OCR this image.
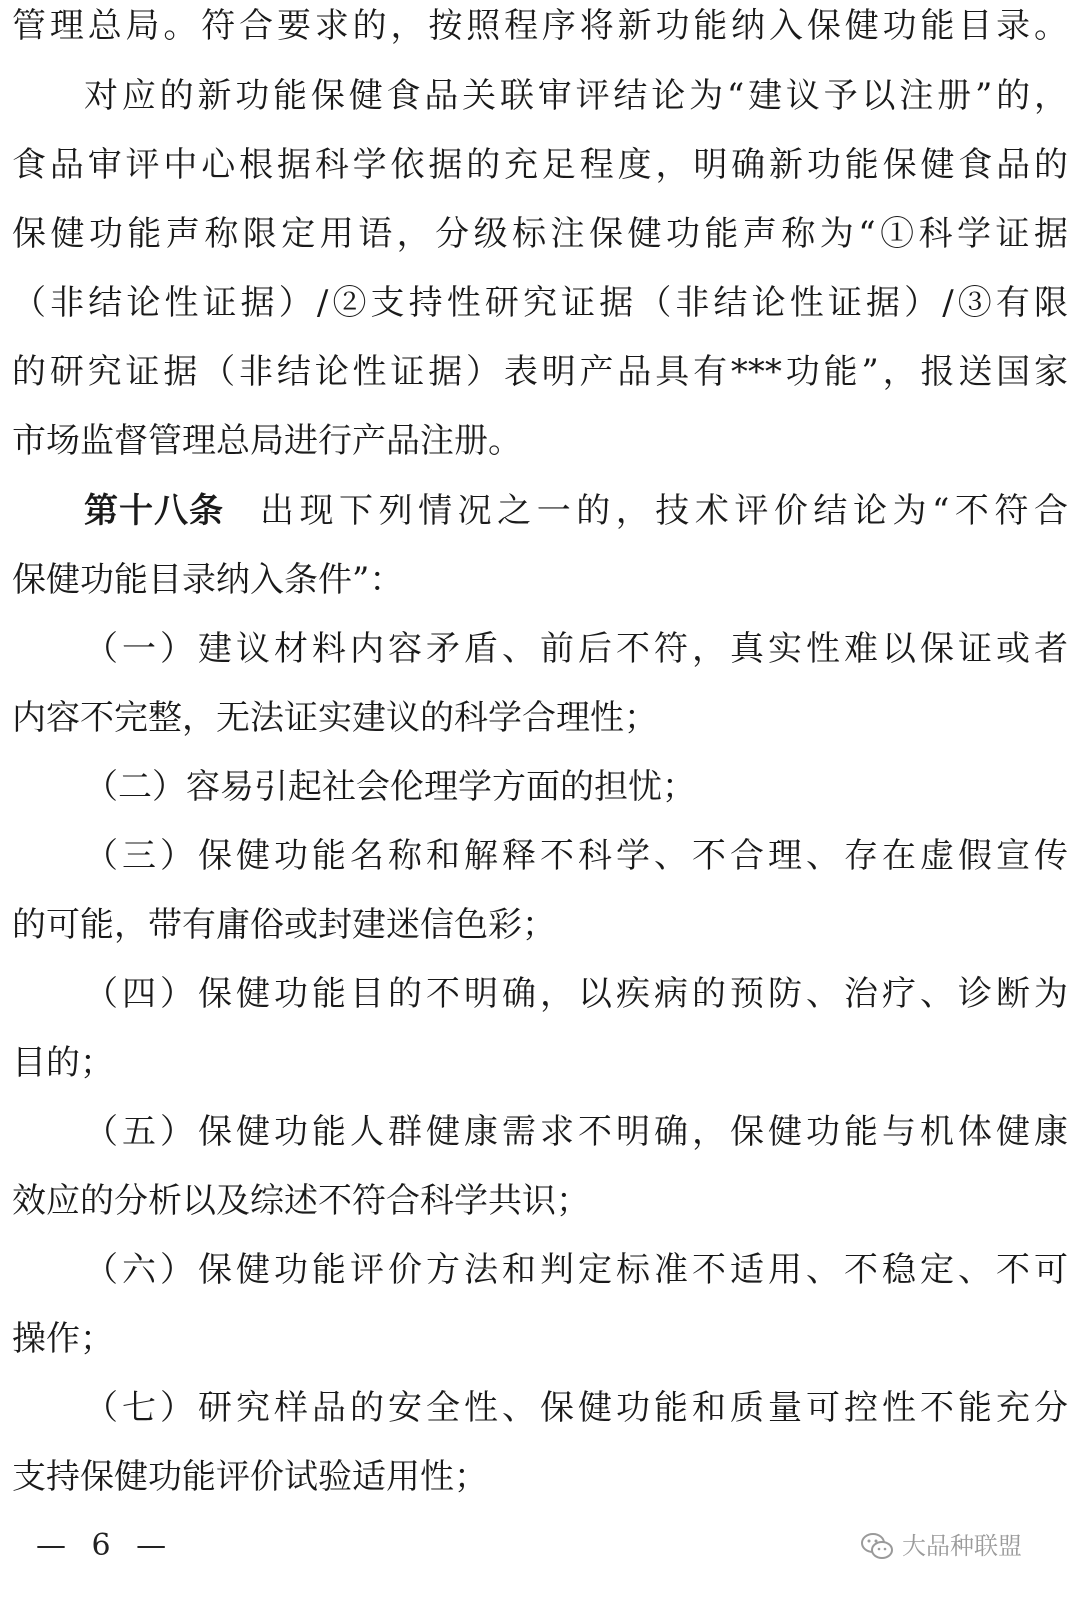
管理总局。符合要求的，按照程序将新功能纳入保健功能目录。
对应的新功能保健食品关联审评结论为“建议予以注册”的，
食品审评中心根据科学依据的充足程度，明确新功能保健食品的
保健功能声称限定用语，分级标注保健功能声称为“①科学证据
（非结论性证据）/②支持性研究证据（非结论性证据）/③有限
的研究证据（非结论性证据）表明产品具有***功能”，报送国家
市场监督管理总局进行产品注册。
第十八条 出现下列情况之一的，技术评价结论为“不符合
保健功能目录纳入条件”：
（一）建议材料内容矛盾、前后不符，真实性难以保证或者
内容不完整，无法证实建议的科学合理性；
（二）容易引起社会伦理学方面的担忧；
（三）保健功能名称和解释不科学、不合理、存在虚假宣传
的可能，带有庸俗或封建迷信色彩；
（四）保健功能目的不明确，以疾病的预防、治疗、诊断为
目的；
（五）保健功能人群健康需求不明确，保健功能与机体健康
效应的分析以及综述不符合科学共识；
（六）保健功能评价方法和判定标准不适用、不稳定、不可
操作；
（七）研究样品的安全性、保健功能和质量可控性不能充分
支持保健功能评价试验适用性；
— 6 —	大品种联盟
